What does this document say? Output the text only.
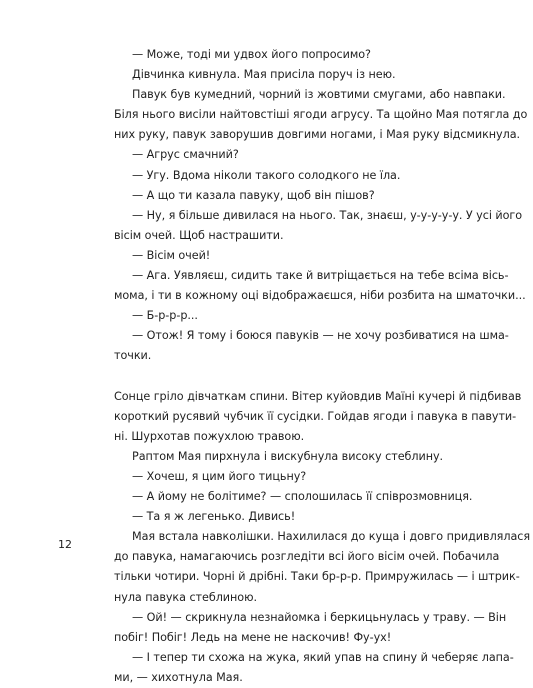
— Може, тоді ми удвох його попросимо?
Дівчинка кивнула. Мая присіла поруч із нею.
Павук був кумедний, чорний із жовтими смугами, або навпаки.
Біля нього висіли найтовстіші ягоди агрусу. Та щойно Мая потягла до
них руку, павук заворушив довгими ногами, і Мая руку відсмикнула.
— Агрус смачний?
— Угу. Вдома ніколи такого солодкого не їла.
— А що ти казала павуку, щоб він пішов?
— Ну, я більше дивилася на нього. Так, знаєш, у-у-у-у-у. У усі його
вісім очей. Щоб настрашити.
— Вісім очей!
— Ага. Уявляєш, сидить таке й витріщається на тебе всіма вісь-
мома, і ти в кожному оці відображаєшся, ніби розбита на шматочки...
— Б-р-р-р...
— Отож! Я тому і боюся павуків — не хочу розбиватися на шма-
точки.
Сонце гріло дівчаткам спини. Вітер куйовдив Маїні кучері й підбивав
короткий русявий чубчик її сусідки. Гойдав ягоди і павука в павути-
ні. Шурхотав пожухлою травою.
Раптом Мая пирхнула і вискубнула високу стеблину.
— Хочеш, я цим його тицьну?
— А йому не болітиме? — сполошилась її співрозмовниця.
— Та я ж легенько. Дивись!
Мая встала навколішки. Нахилилася до куща і довго придивлялася
до павука, намагаючись розгледіти всі його вісім очей. Побачила
тільки чотири. Чорні й дрібні. Таки бр-р-р. Примружилась — і штрик-
нула павука стеблиною.
— Ой! — скрикнула незнайомка і беркицьнулась у траву. — Він
побіг! Побіг! Ледь на мене не наскочив! Фу-ух!
— І тепер ти схожа на жука, який упав на спину й чеберяє лапа-
ми, — хихотнула Мая.
12
